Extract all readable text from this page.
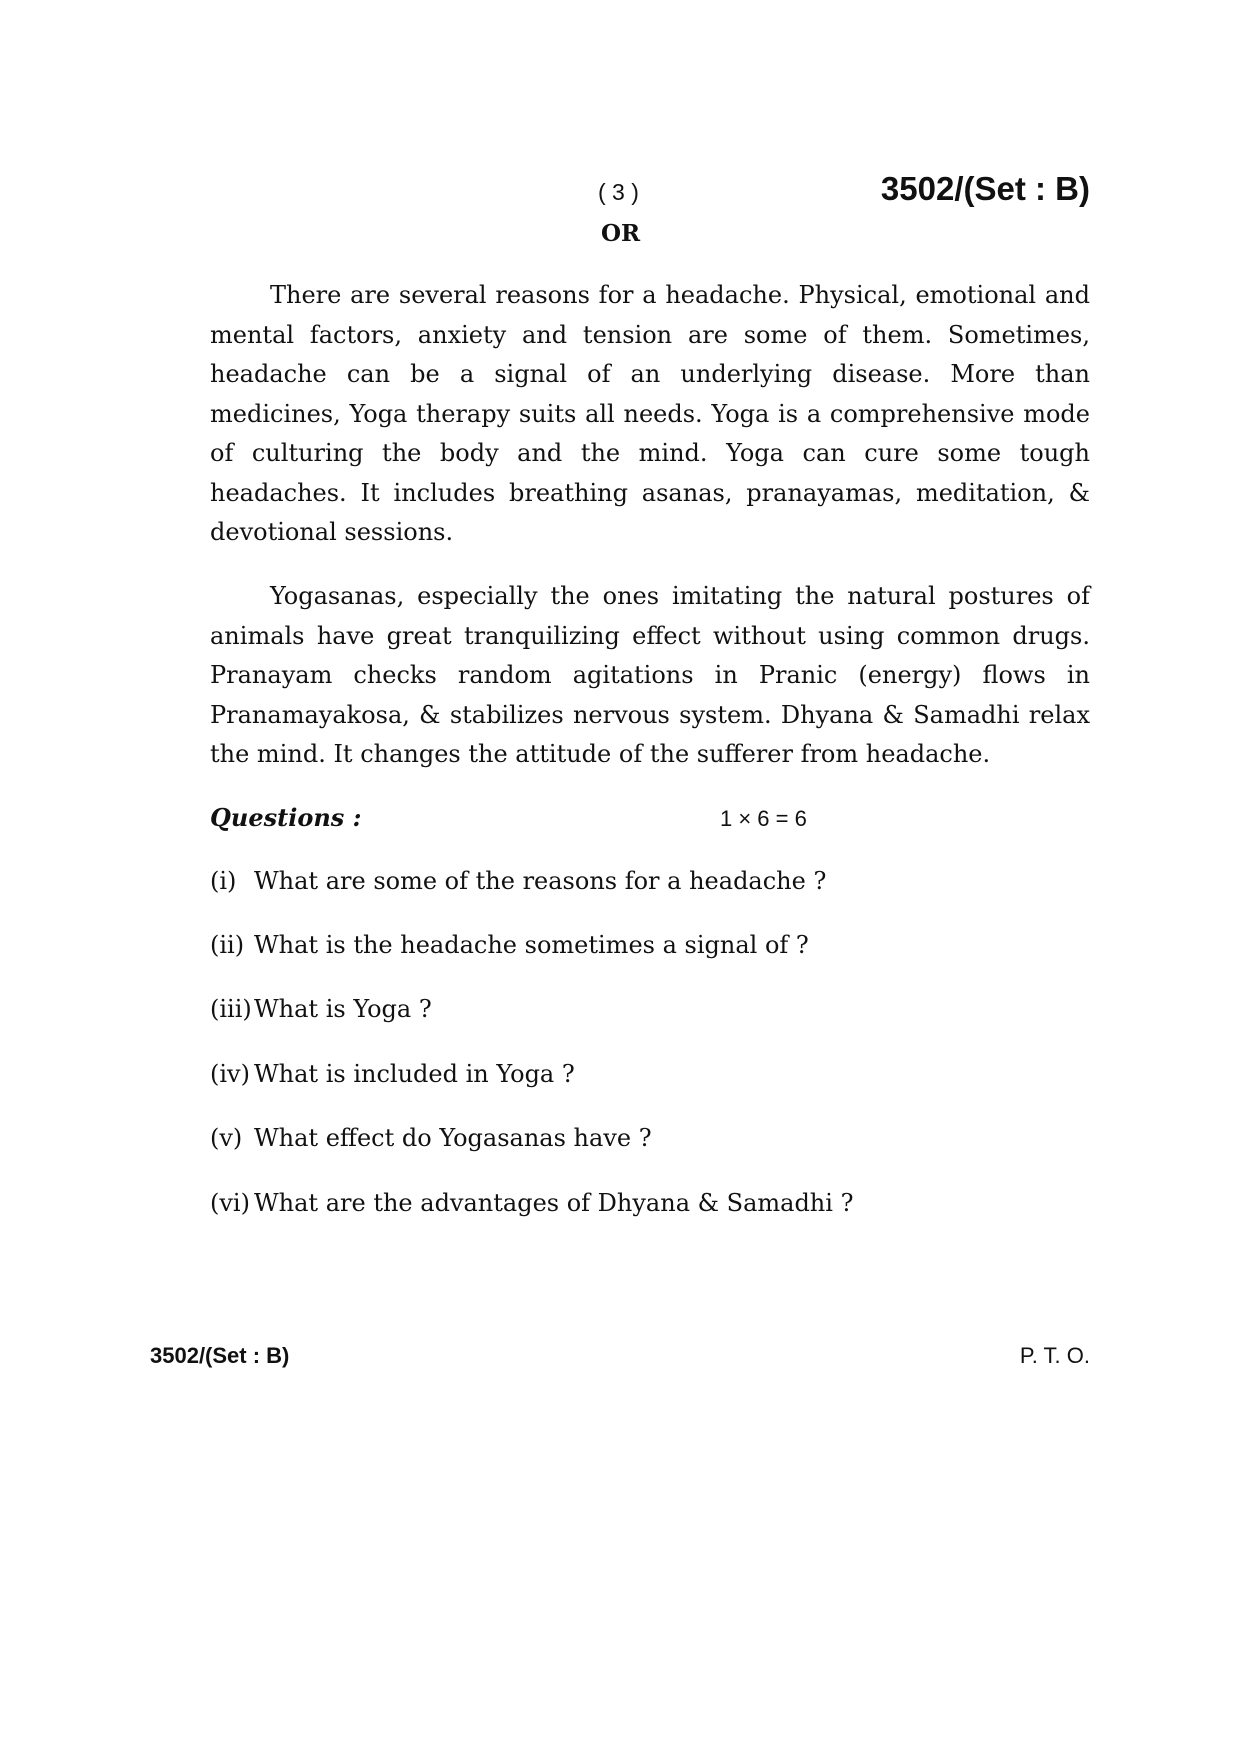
( 3 )	3502/(Set : B)
OR

There are several reasons for a headache. Physical, emotional and mental factors, anxiety and tension are some of them. Sometimes, headache can be a signal of an underlying disease. More than medicines, Yoga therapy suits all needs. Yoga is a comprehensive mode of culturing the body and the mind. Yoga can cure some tough headaches. It includes breathing asanas, pranayamas, meditation, & devotional sessions.

Yogasanas, especially the ones imitating the natural postures of animals have great tranquilizing effect without using common drugs. Pranayam checks random agitations in Pranic (energy) flows in Pranamayakosa, & stabilizes nervous system. Dhyana & Samadhi relax the mind. It changes the attitude of the sufferer from headache.

Questions :	1 × 6 = 6
(i) What are some of the reasons for a headache ?
(ii) What is the headache sometimes a signal of ?
(iii)What is Yoga ?
(iv) What is included in Yoga ?
(v) What effect do Yogasanas have ?
(vi) What are the advantages of Dhyana & Samadhi ?
3502/(Set : B)	P. T. O.
